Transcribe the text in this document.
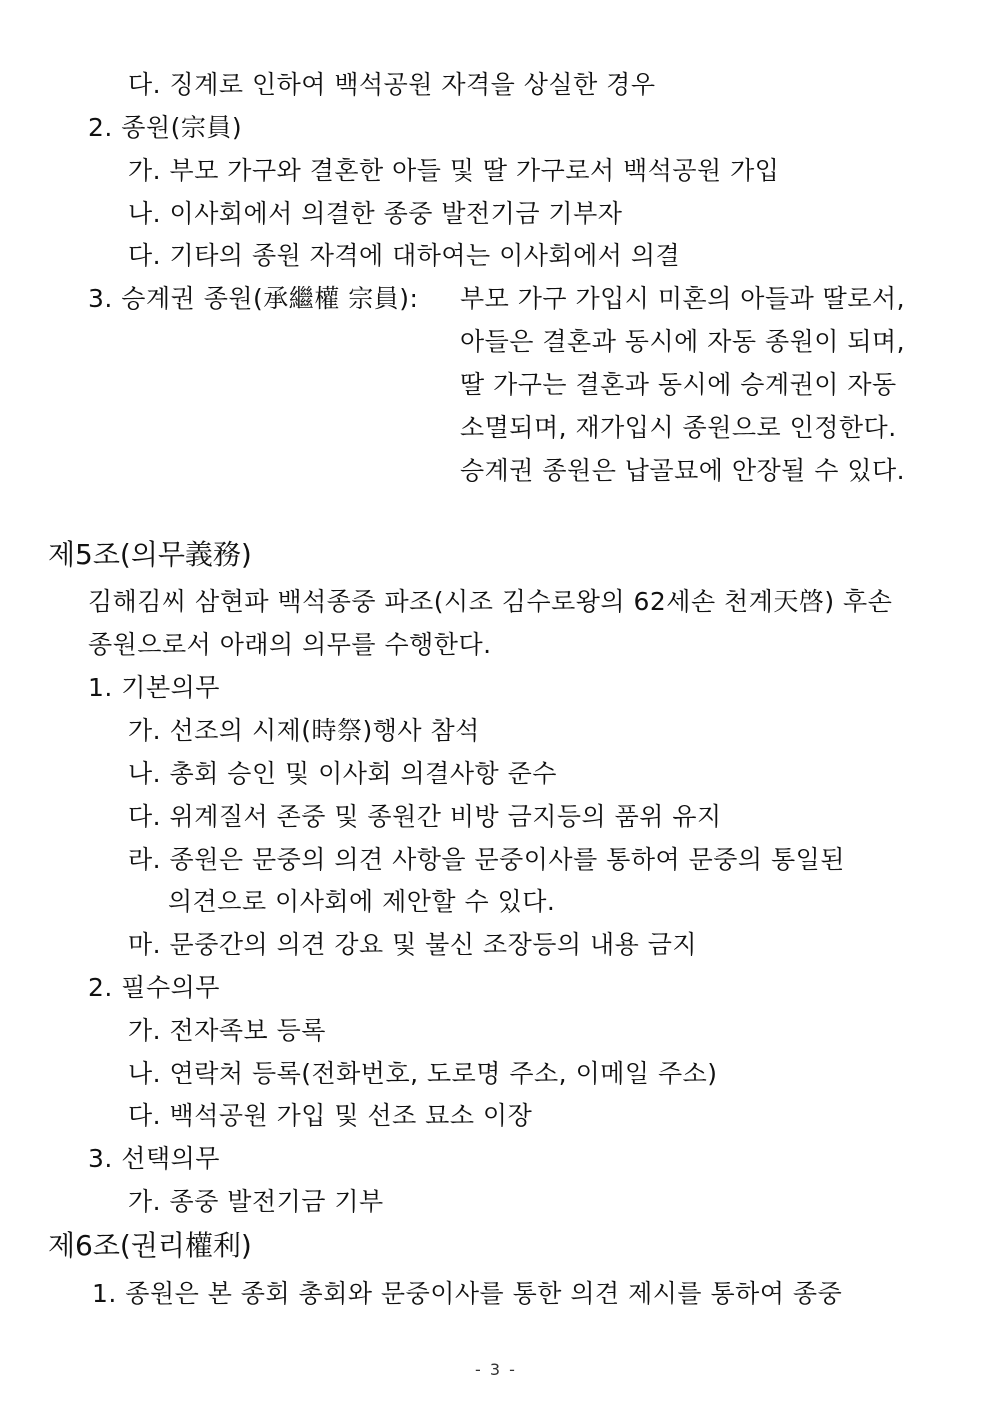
다. 징계로 인하여 백석공원 자격을 상실한 경우
2. 종원(宗員)
가. 부모 가구와 결혼한 아들 및 딸 가구로서 백석공원 가입
나. 이사회에서 의결한 종중 발전기금 기부자
다. 기타의 종원 자격에 대하여는 이사회에서 의결
3. 승계권 종원(承繼權 宗員): 부모 가구 가입시 미혼의 아들과 딸로서,
아들은 결혼과 동시에 자동 종원이 되며,
딸 가구는 결혼과 동시에 승계권이 자동
소멸되며, 재가입시 종원으로 인정한다.
승계권 종원은 납골묘에 안장될 수 있다.
제5조(의무義務)
김해김씨 삼현파 백석종중 파조(시조 김수로왕의 62세손 천계天啓) 후손
종원으로서 아래의 의무를 수행한다.
1. 기본의무
가. 선조의 시제(時祭)행사 참석
나. 총회 승인 및 이사회 의결사항 준수
다. 위계질서 존중 및 종원간 비방 금지등의 품위 유지
라. 종원은 문중의 의견 사항을 문중이사를 통하여 문중의 통일된
의견으로 이사회에 제안할 수 있다.
마. 문중간의 의견 강요 및 불신 조장등의 내용 금지
2. 필수의무
가. 전자족보 등록
나. 연락처 등록(전화번호, 도로명 주소, 이메일 주소)
다. 백석공원 가입 및 선조 묘소 이장
3. 선택의무
가. 종중 발전기금 기부
제6조(권리權利)
1. 종원은 본 종회 총회와 문중이사를 통한 의견 제시를 통하여 종중
- 3 -
